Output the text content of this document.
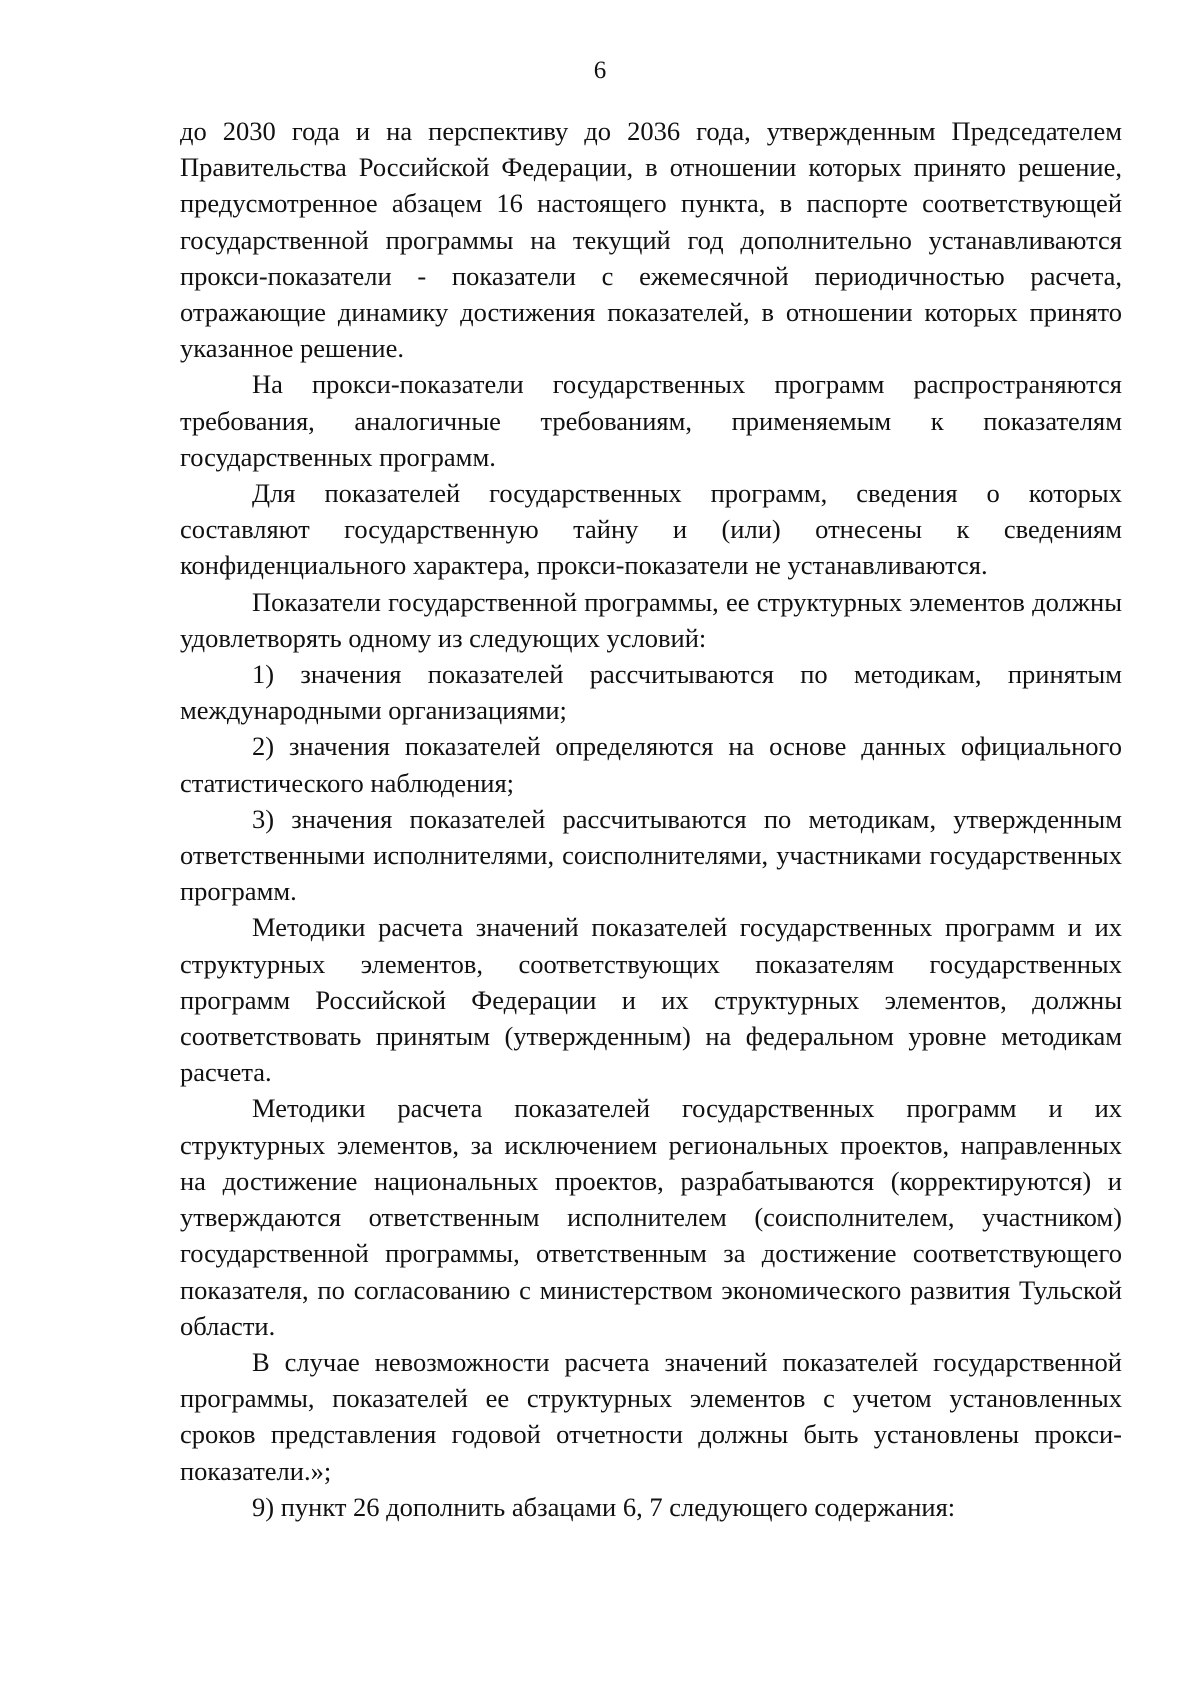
6

до 2030 года и на перспективу до 2036 года, утвержденным Председателем Правительства Российской Федерации, в отношении которых принято решение, предусмотренное абзацем 16 настоящего пункта, в паспорте соответствующей государственной программы на текущий год дополнительно устанавливаются прокси-показатели - показатели с ежемесячной периодичностью расчета, отражающие динамику достижения показателей, в отношении которых принято указанное решение.

На прокси-показатели государственных программ распространяются требования, аналогичные требованиям, применяемым к показателям государственных программ.

Для показателей государственных программ, сведения о которых составляют государственную тайну и (или) отнесены к сведениям конфиденциального характера, прокси-показатели не устанавливаются.

Показатели государственной программы, ее структурных элементов должны удовлетворять одному из следующих условий:

1) значения показателей рассчитываются по методикам, принятым международными организациями;

2) значения показателей определяются на основе данных официального статистического наблюдения;

3) значения показателей рассчитываются по методикам, утвержденным ответственными исполнителями, соисполнителями, участниками государственных программ.

Методики расчета значений показателей государственных программ и их структурных элементов, соответствующих показателям государственных программ Российской Федерации и их структурных элементов, должны соответствовать принятым (утвержденным) на федеральном уровне методикам расчета.

Методики расчета показателей государственных программ и их структурных элементов, за исключением региональных проектов, направленных на достижение национальных проектов, разрабатываются (корректируются) и утверждаются ответственным исполнителем (соисполнителем, участником) государственной программы, ответственным за достижение соответствующего показателя, по согласованию с министерством экономического развития Тульской области.

В случае невозможности расчета значений показателей государственной программы, показателей ее структурных элементов с учетом установленных сроков представления годовой отчетности должны быть установлены прокси-показатели.»;

9) пункт 26 дополнить абзацами 6, 7 следующего содержания:
